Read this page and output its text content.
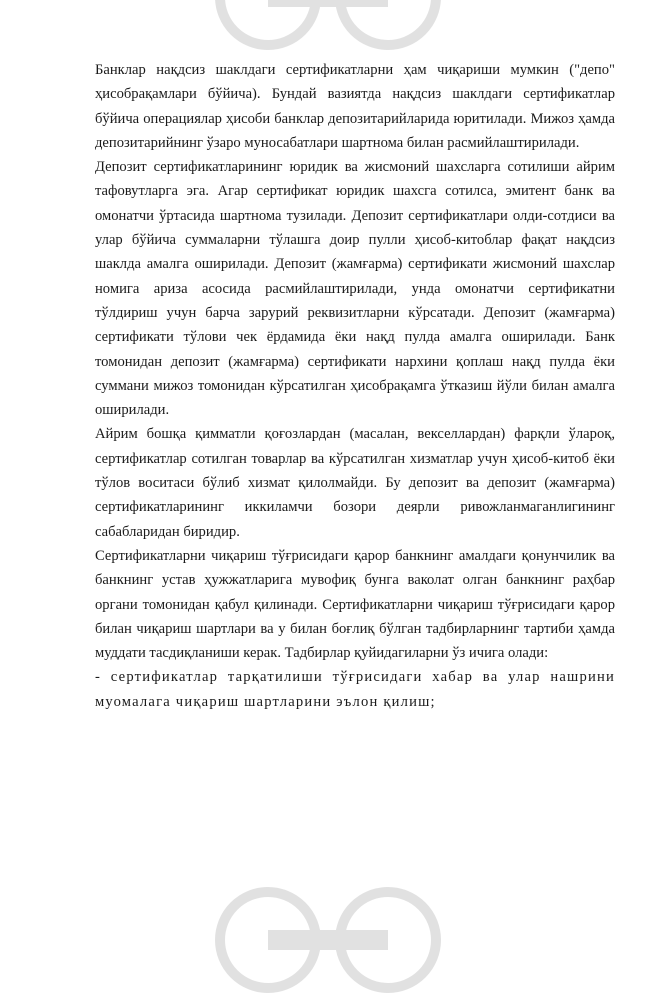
Банклар нақдсиз шаклдаги сертификатларни ҳам чиқариши мумкин ("депо" ҳисобрақамлари бўйича). Бундай вазиятда нақдсиз шаклдаги сертификатлар бўйича операциялар ҳисоби банклар депозитарийларида юритилади. Мижоз ҳамда депозитарийнинг ўзаро муносабатлари шартнома билан расмийлаштирилади.

Депозит сертификатларининг юридик ва жисмоний шахсларга сотилиши айрим тафовутларга эга. Агар сертификат юридик шахсга сотилса, эмитент банк ва омонатчи ўртасида шартнома тузилади. Депозит сертификатлари олди-сотдиси ва улар бўйича суммаларни тўлашга доир пулли ҳисоб-китоблар фақат нақдсиз шаклда амалга оширилади. Депозит (жамғарма) сертификати жисмоний шахслар номига ариза асосида расмийлаштирилади, унда омонатчи сертификатни тўлдириш учун барча зарурий реквизитларни кўрсатади. Депозит (жамғарма) сертификати тўлови чек ёрдамида ёки нақд пулда амалга оширилади. Банк томонидан депозит (жамғарма) сертификати нархини қоплаш нақд пулда ёки суммани мижоз томонидан кўрсатилган ҳисобрақамга ўтказиш йўли билан амалга оширилади.

Айрим бошқа қимматли қоғозлардан (масалан, векселлардан) фарқли ўлароқ, сертификатлар сотилган товарлар ва кўрсатилган хизматлар учун ҳисоб-китоб ёки тўлов воситаси бўлиб хизмат қилолмайди. Бу депозит ва депозит (жамғарма) сертификатларининг иккиламчи бозори деярли ривожланмаганлигининг сабабларидан биридир.

Сертификатларни чиқариш тўғрисидаги қарор банкнинг амалдаги қонунчилик ва банкнинг устав ҳужжатларига мувофиқ бунга ваколат олган банкнинг раҳбар органи томонидан қабул қилинади. Сертификатларни чиқариш тўғрисидаги қарор билан чиқариш шартлари ва у билан боғлиқ бўлган тадбирларнинг тартиби ҳамда муддати тасдиқланиши керак. Тадбирлар қуйидагиларни ўз ичига олади:

- сертификатлар тарқатилиши тўғрисидаги хабар ва улар нашрини муомалага чиқариш шартларини эълон қилиш;
